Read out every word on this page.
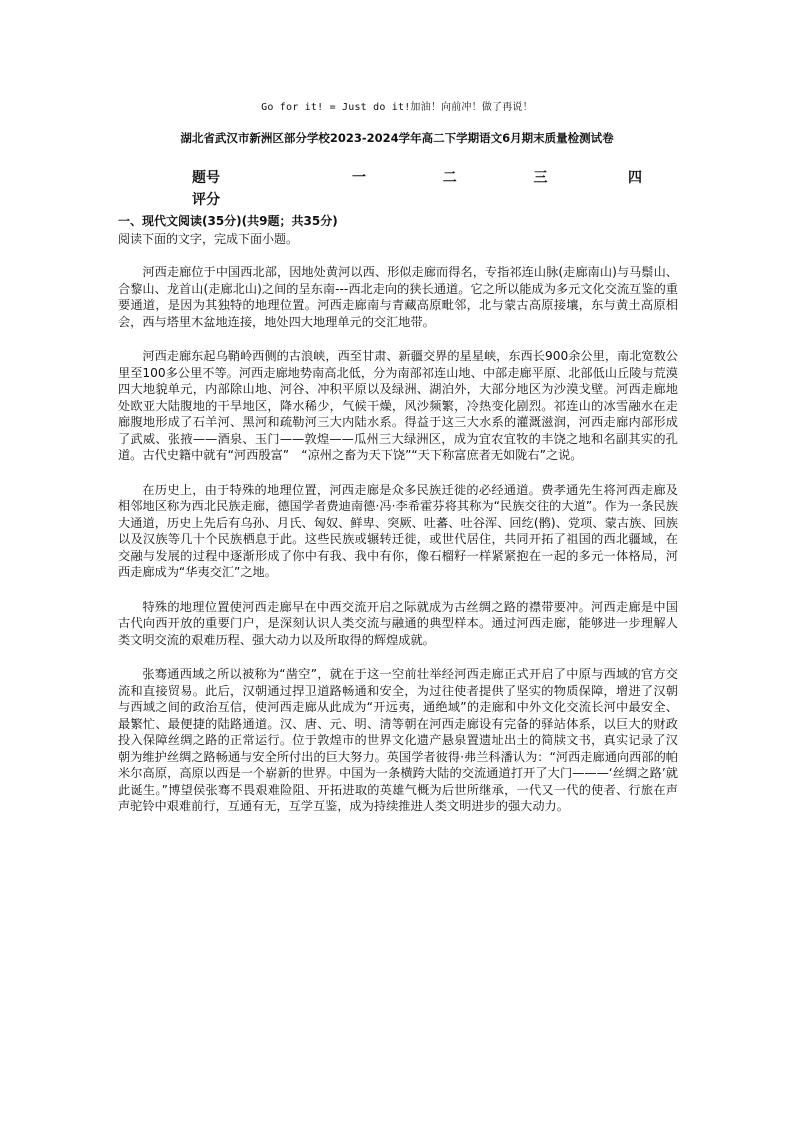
Go for it! = Just do it!加油！向前冲！做了再说！
湖北省武汉市新洲区部分学校2023-2024学年高二下学期语文6月期末质量检测试卷
题号	一	二	三	四
评分
一、现代文阅读(35分)(共9题；共35分)
阅读下面的文字，完成下面小题。

河西走廊位于中国西北部，因地处黄河以西、形似走廊而得名，专指祁连山脉(走廊南山)与马鬃山、合黎山、龙首山(走廊北山)之间的呈东南---西北走向的狭长通道。它之所以能成为多元文化交流互鉴的重要通道，是因为其独特的地理位置。河西走廊南与青藏高原毗邻，北与蒙古高原接壤，东与黄土高原相会，西与塔里木盆地连接，地处四大地理单元的交汇地带。

河西走廊东起乌鞘岭西侧的古浪峡，西至甘肃、新疆交界的星星峡，东西长900余公里，南北宽数公里至100多公里不等。河西走廊地势南高北低，分为南部祁连山地、中部走廊平原、北部低山丘陵与荒漠四大地貌单元，内部除山地、河谷、冲积平原以及绿洲、湖泊外，大部分地区为沙漠戈壁。河西走廊地处欧亚大陆腹地的干旱地区，降水稀少，气候干燥，风沙频繁，冷热变化剧烈。祁连山的冰雪融水在走廊腹地形成了石羊河、黑河和疏勒河三大内陆水系。得益于这三大水系的灌溉滋润，河西走廊内部形成了武威、张掖——酒泉、玉门——敦煌——瓜州三大绿洲区，成为宜农宜牧的丰饶之地和名副其实的孔道。古代史籍中就有“河西殷富”　“凉州之畜为天下饶”“天下称富庶者无如陇右”之说。

在历史上，由于特殊的地理位置，河西走廊是众多民族迁徙的必经通道。费孝通先生将河西走廊及相邻地区称为西北民族走廊，德国学者费迪南德·冯·李希霍芬将其称为“民族交往的大道”。作为一条民族大通道，历史上先后有乌孙、月氏、匈奴、鲜卑、突厥、吐蕃、吐谷浑、回纥(鹘)、党项、蒙古族、回族以及汉族等几十个民族栖息于此。这些民族或辗转迁徙，或世代居住，共同开拓了祖国的西北疆域，在交融与发展的过程中逐渐形成了你中有我、我中有你，像石榴籽一样紧紧抱在一起的多元一体格局，河西走廊成为“华夷交汇”之地。

特殊的地理位置使河西走廊早在中西交流开启之际就成为古丝绸之路的襟带要冲。河西走廊是中国古代向西开放的重要门户，是深刻认识人类交流与融通的典型样本。通过河西走廊，能够进一步理解人类文明交流的艰难历程、强大动力以及所取得的辉煌成就。

张骞通西域之所以被称为“凿空”，就在于这一空前壮举经河西走廊正式开启了中原与西域的官方交流和直接贸易。此后，汉朝通过捍卫道路畅通和安全，为过往使者提供了坚实的物质保障，增进了汉朝与西域之间的政治互信，使河西走廊从此成为“开远夷，通绝域”的走廊和中外文化交流长河中最安全、最繁忙、最便捷的陆路通道。汉、唐、元、明、清等朝在河西走廊设有完备的驿站体系，以巨大的财政投入保障丝绸之路的正常运行。位于敦煌市的世界文化遗产悬泉置遗址出土的简牍文书，真实记录了汉朝为维护丝绸之路畅通与安全所付出的巨大努力。英国学者彼得·弗兰科潘认为：“河西走廊通向西部的帕米尔高原，高原以西是一个崭新的世界。中国为一条横跨大陆的交流通道打开了大门———‘丝绸之路’就此诞生。”博望侯张骞不畏艰难险阻、开拓进取的英雄气概为后世所继承，一代又一代的使者、行旅在声声驼铃中艰难前行，互通有无，互学互鉴，成为持续推进人类文明进步的强大动力。
